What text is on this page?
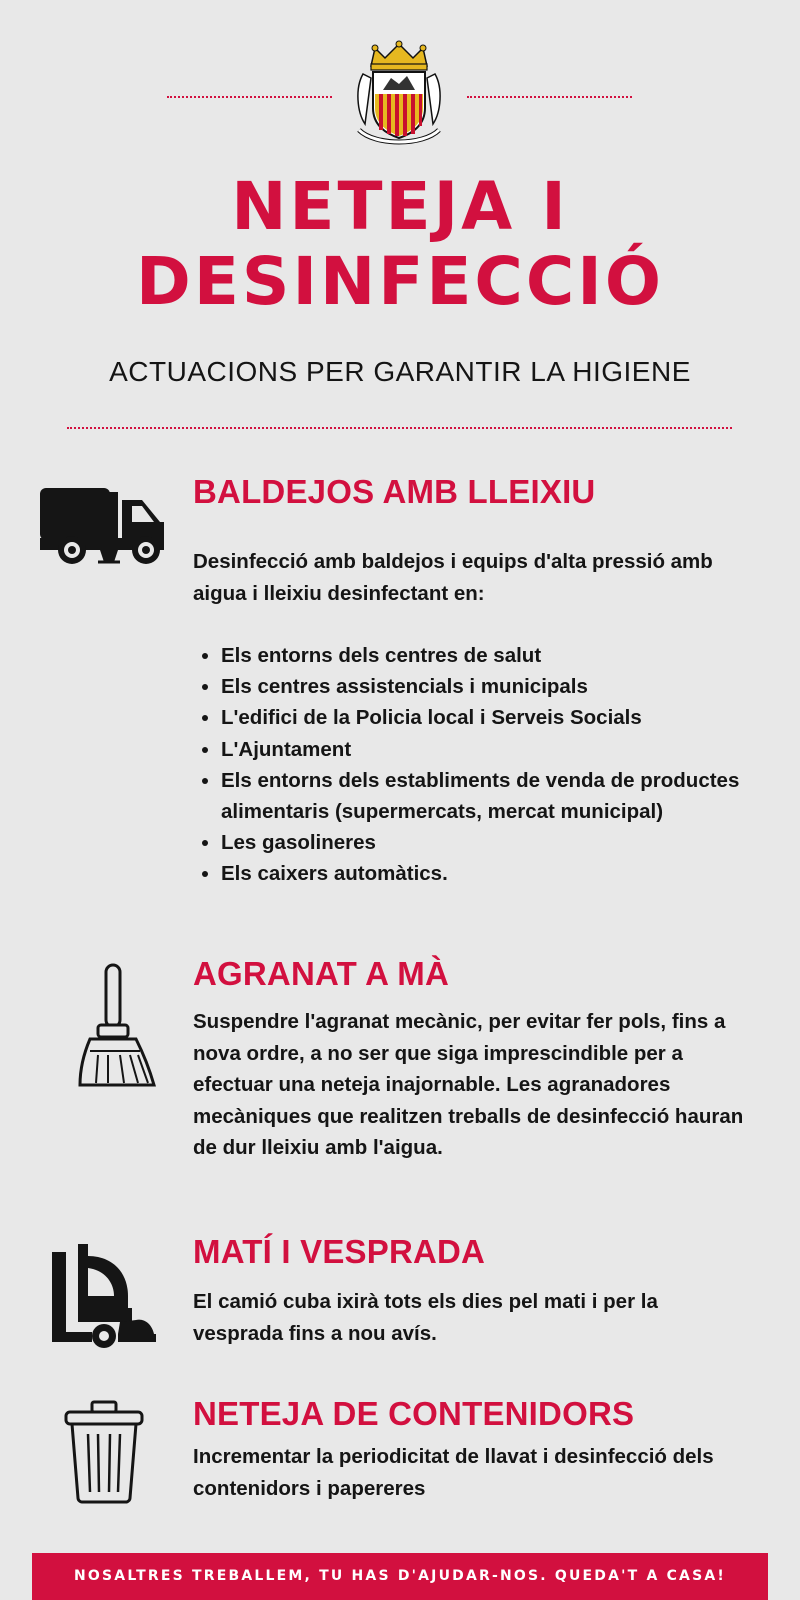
NETEJA I
DESINFECCIÓ
ACTUACIONS PER GARANTIR LA HIGIENE
BALDEJOS AMB LLEIXIU
Desinfecció amb baldejos i equips d'alta pressió amb aigua i lleixiu desinfectant en:
• Els entorns dels centres de salut
• Els centres assistencials i municipals
• L'edifici de la Policia local i Serveis Socials
• L'Ajuntament
• Els entorns dels establiments de venda de productes alimentaris (supermercats, mercat municipal)
• Les gasolineres
• Els caixers automàtics.
AGRANAT A MÀ
Suspendre l'agranat mecànic, per evitar fer pols, fins a nova ordre, a no ser que siga imprescindible per a efectuar una neteja inajornable. Les agranadores mecàniques que realitzen treballs de desinfecció hauran de dur lleixiu amb l'aigua.
MATÍ I VESPRADA
El camió cuba ixirà tots els dies pel mati i per la vesprada fins a nou avís.
NETEJA DE CONTENIDORS
Incrementar la periodicitat de llavat i desinfecció dels contenidors i papereres
NOSALTRES TREBALLEM, TU HAS D'AJUDAR-NOS. QUEDA'T A CASA!
